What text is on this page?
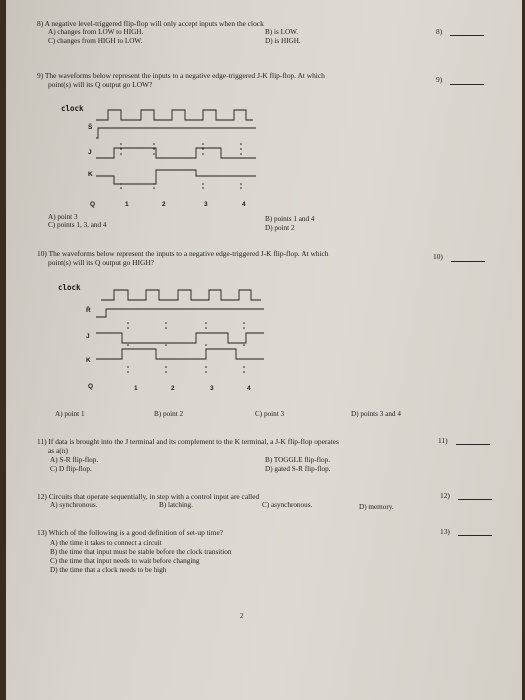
8) A negative level-triggered flip-flop will only accept inputs when the clock
A) changes from LOW to HIGH.	B) is LOW.
C) changes from HIGH to LOW.	D) is HIGH.
8)
9) The waveforms below represent the inputs to a negative edge-triggered J-K flip-flop. At which
point(s) will its Q output go LOW?
9)
clock
S̄
J
K
Q	1	2	3	4
A) point 3	B) points 1 and 4
C) points 1, 3, and 4	D) point 2
10) The waveforms below represent the inputs to a negative edge-triggered J-K flip-flop. At which
point(s) will its Q output go HIGH?
10)
clock
R̄
J
K
Q	1	2	3	4
A) point 1	B) point 2	C) point 3	D) points 3 and 4
11) If data is brought into the J terminal and its complement to the K terminal, a J-K flip-flop operates
as a(n)
11)
A) S-R flip-flop.	B) TOGGLE flip-flop.
C) D flip-flop.	D) gated S-R flip-flop.
12) Circuits that operate sequentially, in step with a control input are called	12)
A) synchronous.	B) latching.	C) asynchronous.	D) memory.
13) Which of the following is a good definition of set-up time?	13)
A) the time it takes to connect a circuit
B) the time that input must be stable before the clock transition
C) the time that input needs to wait before changing
D) the time that a clock needs to be high
2
